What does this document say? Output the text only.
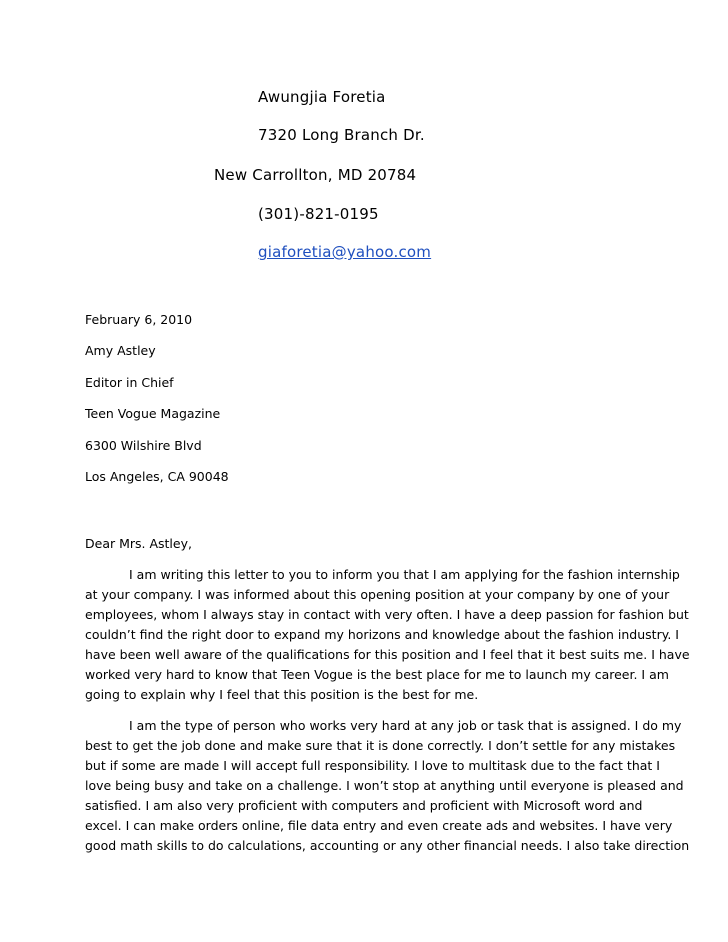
Awungjia Foretia
7320 Long Branch Dr.
New Carrollton, MD 20784
(301)-821-0195
giaforetia@yahoo.com
February 6, 2010
Amy Astley
Editor in Chief
Teen Vogue Magazine
6300 Wilshire Blvd
Los Angeles, CA 90048
Dear Mrs. Astley,
I am writing this letter to you to inform you that I am applying for the fashion internship
at your company. I was informed about this opening position at your company by one of your
employees, whom I always stay in contact with very often. I have a deep passion for fashion but
couldn’t find the right door to expand my horizons and knowledge about the fashion industry. I
have been well aware of the qualifications for this position and I feel that it best suits me. I have
worked very hard to know that Teen Vogue is the best place for me to launch my career. I am
going to explain why I feel that this position is the best for me.
I am the type of person who works very hard at any job or task that is assigned. I do my
best to get the job done and make sure that it is done correctly. I don’t settle for any mistakes
but if some are made I will accept full responsibility. I love to multitask due to the fact that I
love being busy and take on a challenge. I won’t stop at anything until everyone is pleased and
satisfied. I am also very proficient with computers and proficient with Microsoft word and
excel. I can make orders online, file data entry and even create ads and websites. I have very
good math skills to do calculations, accounting or any other financial needs. I also take direction
